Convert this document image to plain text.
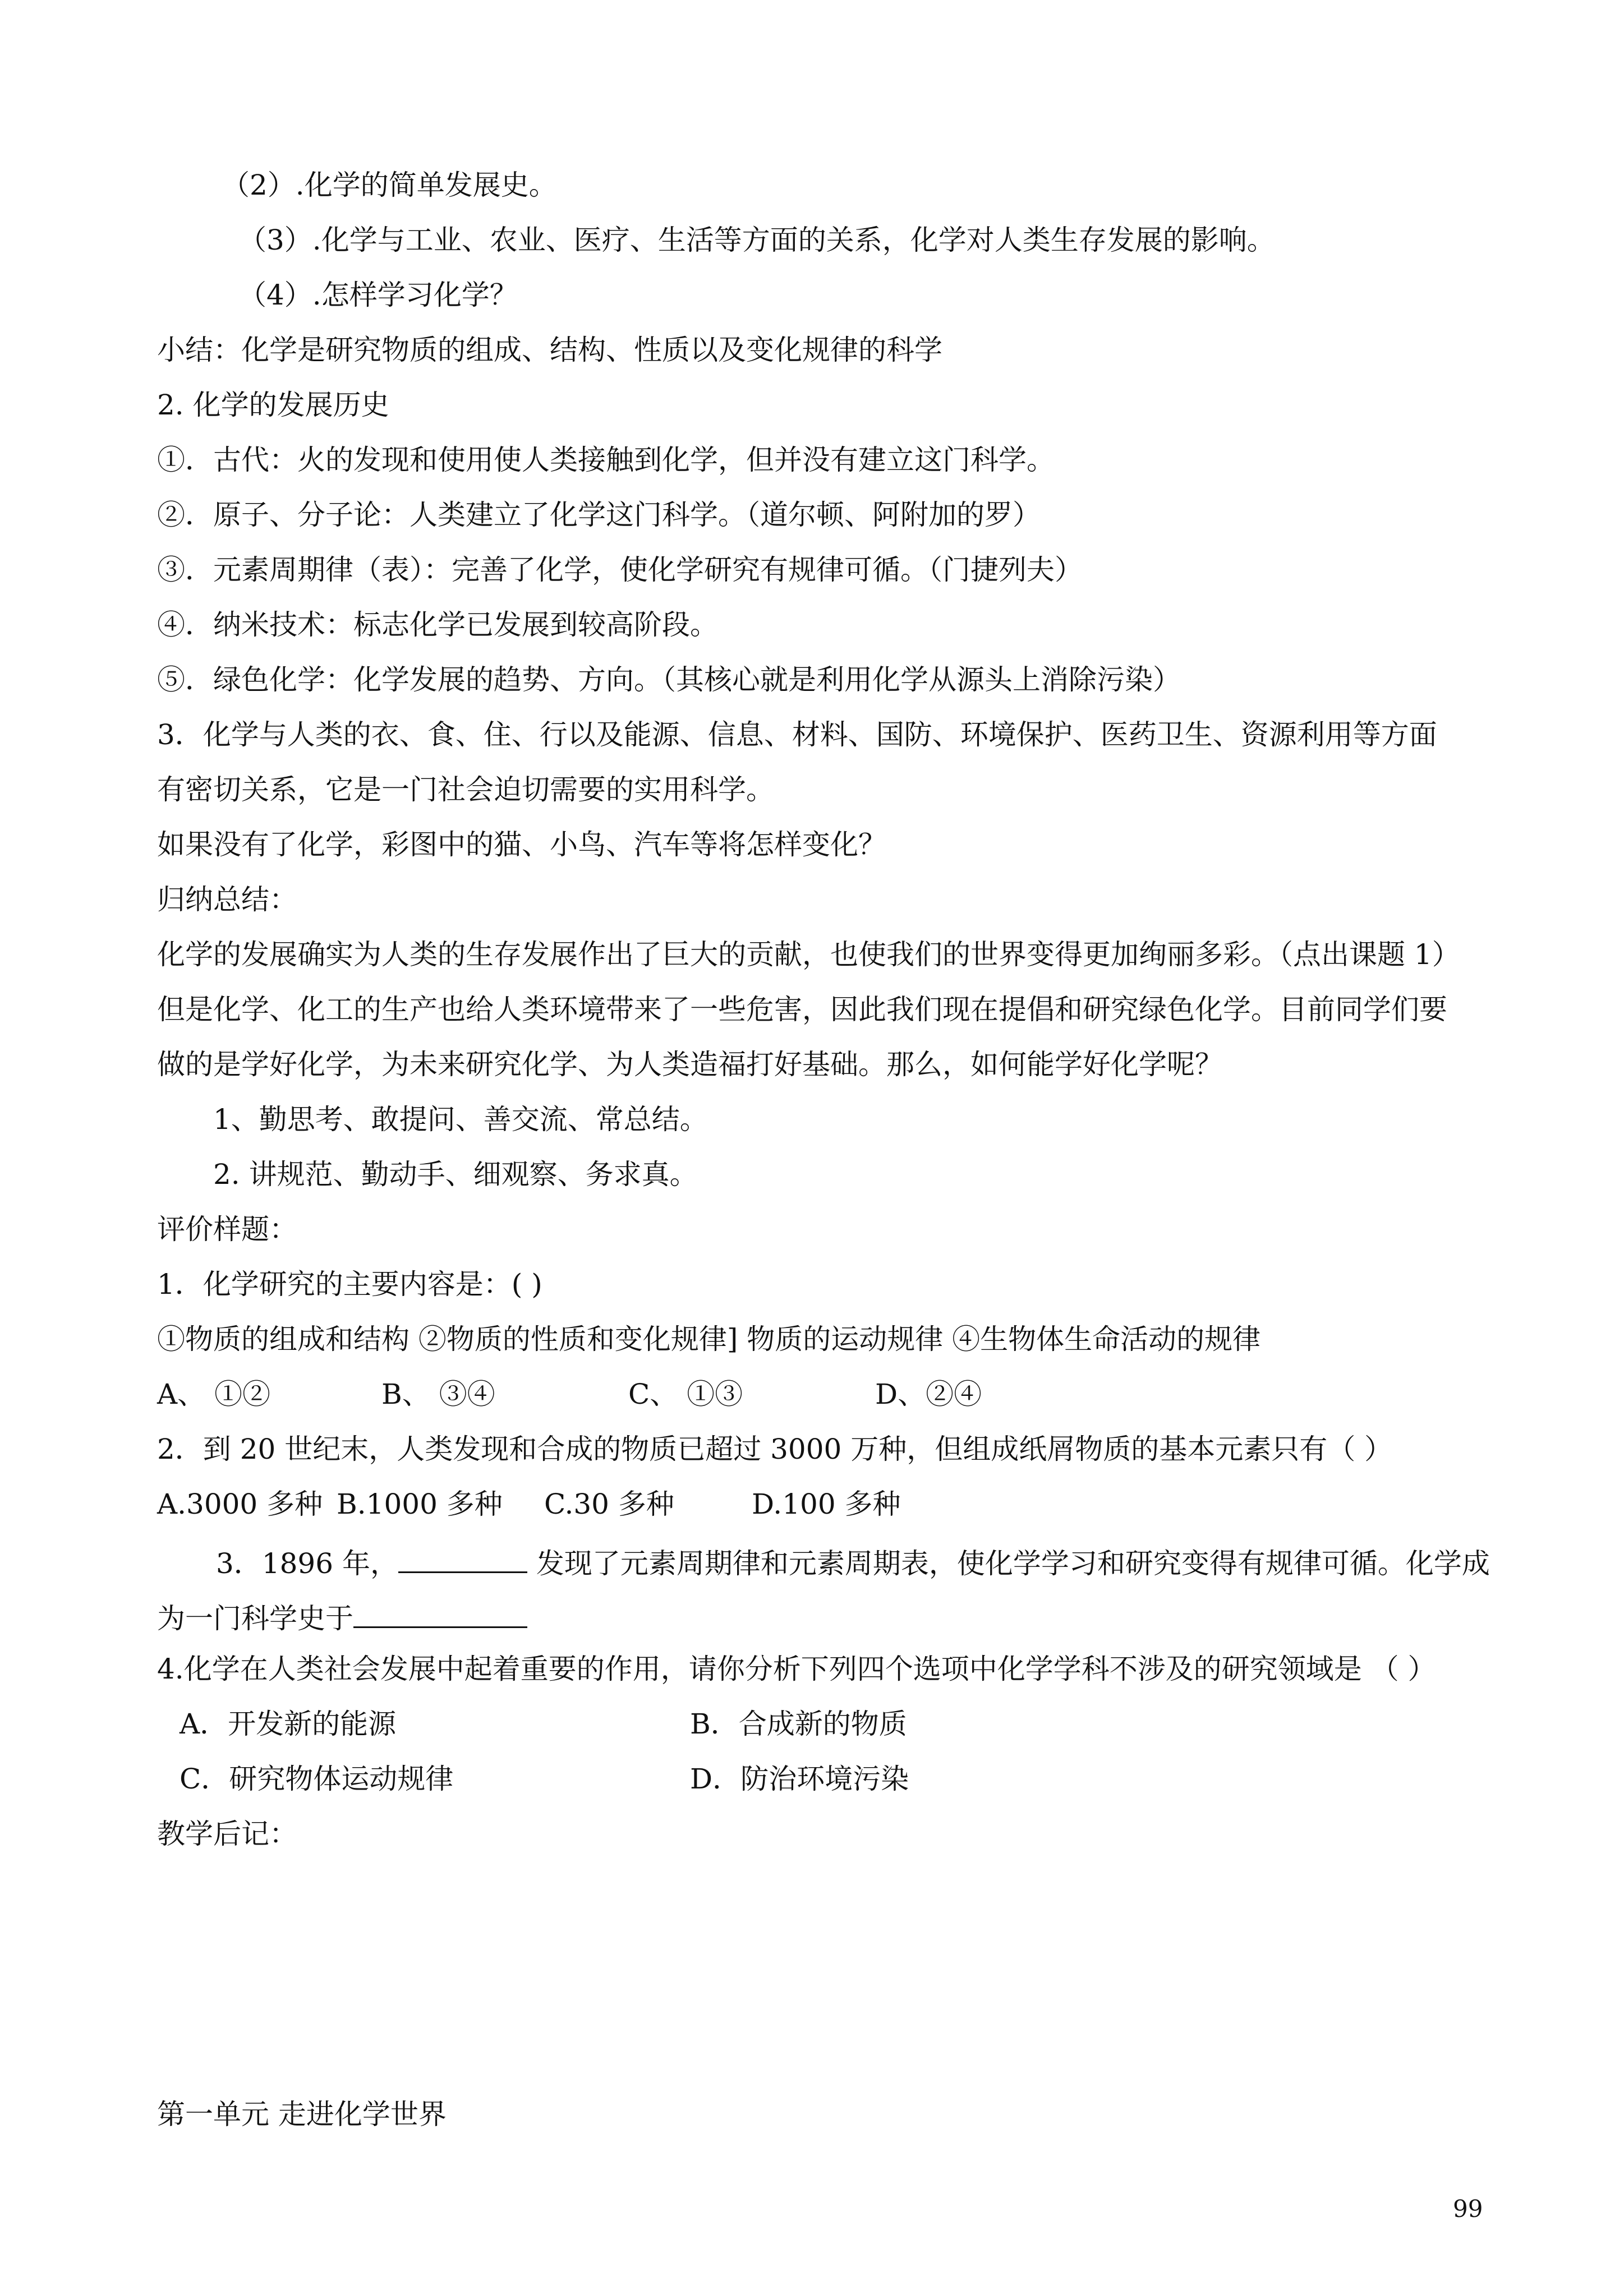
（2）.化学的简单发展史。
（3）.化学与工业、农业、医疗、生活等方面的关系，化学对人类生存发展的影响。
（4）.怎样学习化学？
小结：化学是研究物质的组成、结构、性质以及变化规律的科学
2. 化学的发展历史
①．古代：火的发现和使用使人类接触到化学，但并没有建立这门科学。
②．原子、分子论：人类建立了化学这门科学。（道尔顿、阿附加的罗）
③．元素周期律（表）：完善了化学，使化学研究有规律可循。（门捷列夫）
④．纳米技术：标志化学已发展到较高阶段。
⑤．绿色化学：化学发展的趋势、方向。（其核心就是利用化学从源头上消除污染）
3．化学与人类的衣、食、住、行以及能源、信息、材料、国防、环境保护、医药卫生、资源利用等方面
有密切关系，它是一门社会迫切需要的实用科学。
如果没有了化学，彩图中的猫、小鸟、汽车等将怎样变化？
归纳总结：
化学的发展确实为人类的生存发展作出了巨大的贡献，也使我们的世界变得更加绚丽多彩。（点出课题 1）
但是化学、化工的生产也给人类环境带来了一些危害，因此我们现在提倡和研究绿色化学。目前同学们要
做的是学好化学，为未来研究化学、为人类造福打好基础。那么，如何能学好化学呢？
1、勤思考、敢提问、善交流、常总结。
2. 讲规范、勤动手、细观察、务求真。
评价样题：
1．化学研究的主要内容是：( )
①物质的组成和结构 ②物质的性质和变化规律] 物质的运动规律 ④生物体生命活动的规律
A、 ①②	B、 ③④	C、 ①③	D、②④
2．到 20 世纪末，人类发现和合成的物质已超过 3000 万种，但组成纸屑物质的基本元素只有（ ）
A.3000 多种 B.1000 多种 C.30 多种	D.100 多种
3．1896 年，	发现了元素周期律和元素周期表，使化学学习和研究变得有规律可循。化学成
为一门科学史于
4.化学在人类社会发展中起着重要的作用，请你分析下列四个选项中化学学科不涉及的研究领域是 （ ）
A．开发新的能源	B．合成新的物质
C．研究物体运动规律	D．防治环境污染
教学后记：
第一单元 走进化学世界
99
